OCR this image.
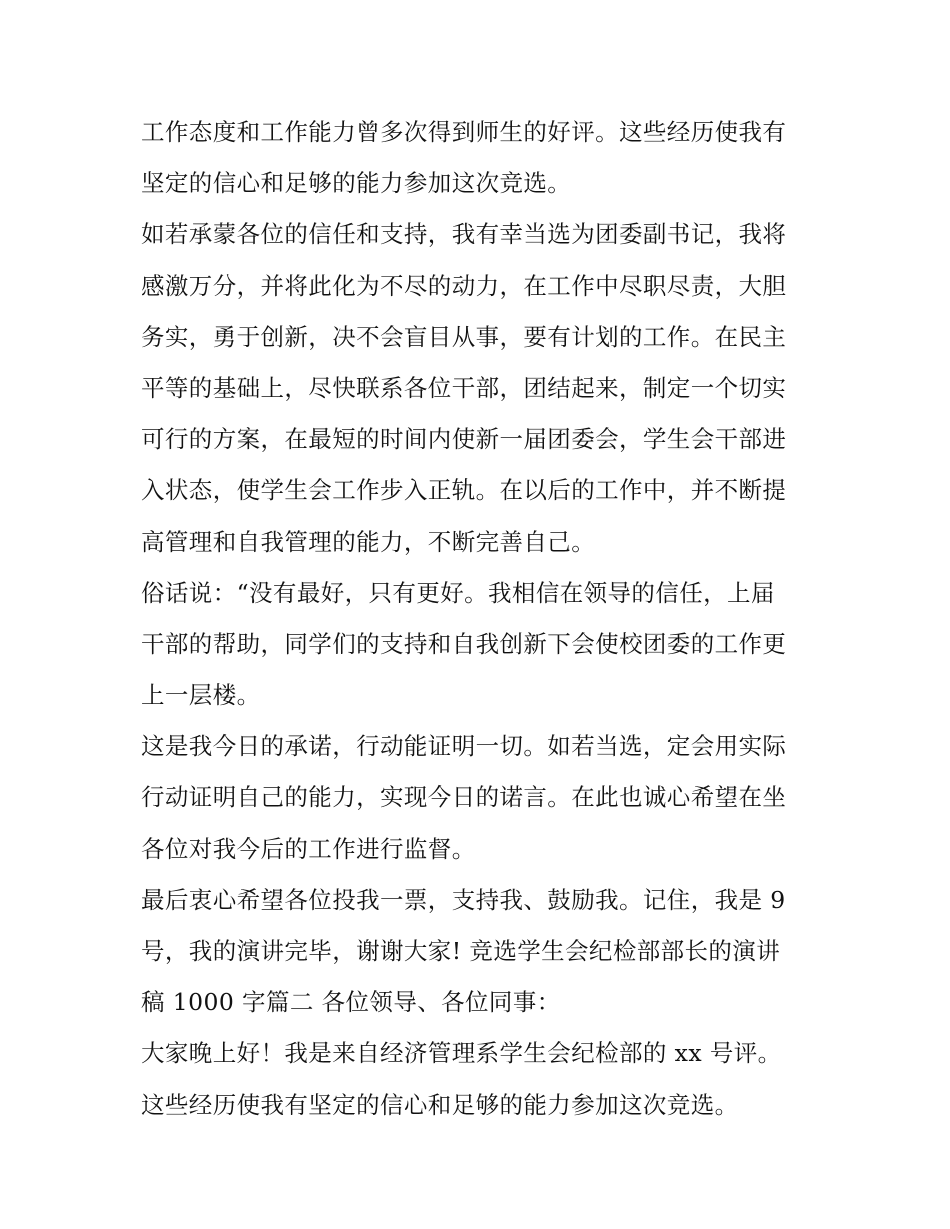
工作态度和工作能力曾多次得到师生的好评。这些经历使我有
坚定的信心和足够的能力参加这次竞选。
如若承蒙各位的信任和支持，我有幸当选为团委副书记，我将
感激万分，并将此化为不尽的动力，在工作中尽职尽责，大胆
务实，勇于创新，决不会盲目从事，要有计划的工作。在民主
平等的基础上，尽快联系各位干部，团结起来，制定一个切实
可行的方案，在最短的时间内使新一届团委会，学生会干部进
入状态，使学生会工作步入正轨。在以后的工作中，并不断提
高管理和自我管理的能力，不断完善自己。
俗话说：“没有最好，只有更好。我相信在领导的信任，上届
干部的帮助，同学们的支持和自我创新下会使校团委的工作更
上一层楼。
这是我今日的承诺，行动能证明一切。如若当选，定会用实际
行动证明自己的能力，实现今日的诺言。在此也诚心希望在坐
各位对我今后的工作进行监督。
最后衷心希望各位投我一票，支持我、鼓励我。记住，我是 9
号，我的演讲完毕，谢谢大家! 竞选学生会纪检部部长的演讲
稿 1000 字篇二 各位领导、各位同事：
大家晚上好！我是来自经济管理系学生会纪检部的 xx 号评。
这些经历使我有坚定的信心和足够的能力参加这次竞选。
